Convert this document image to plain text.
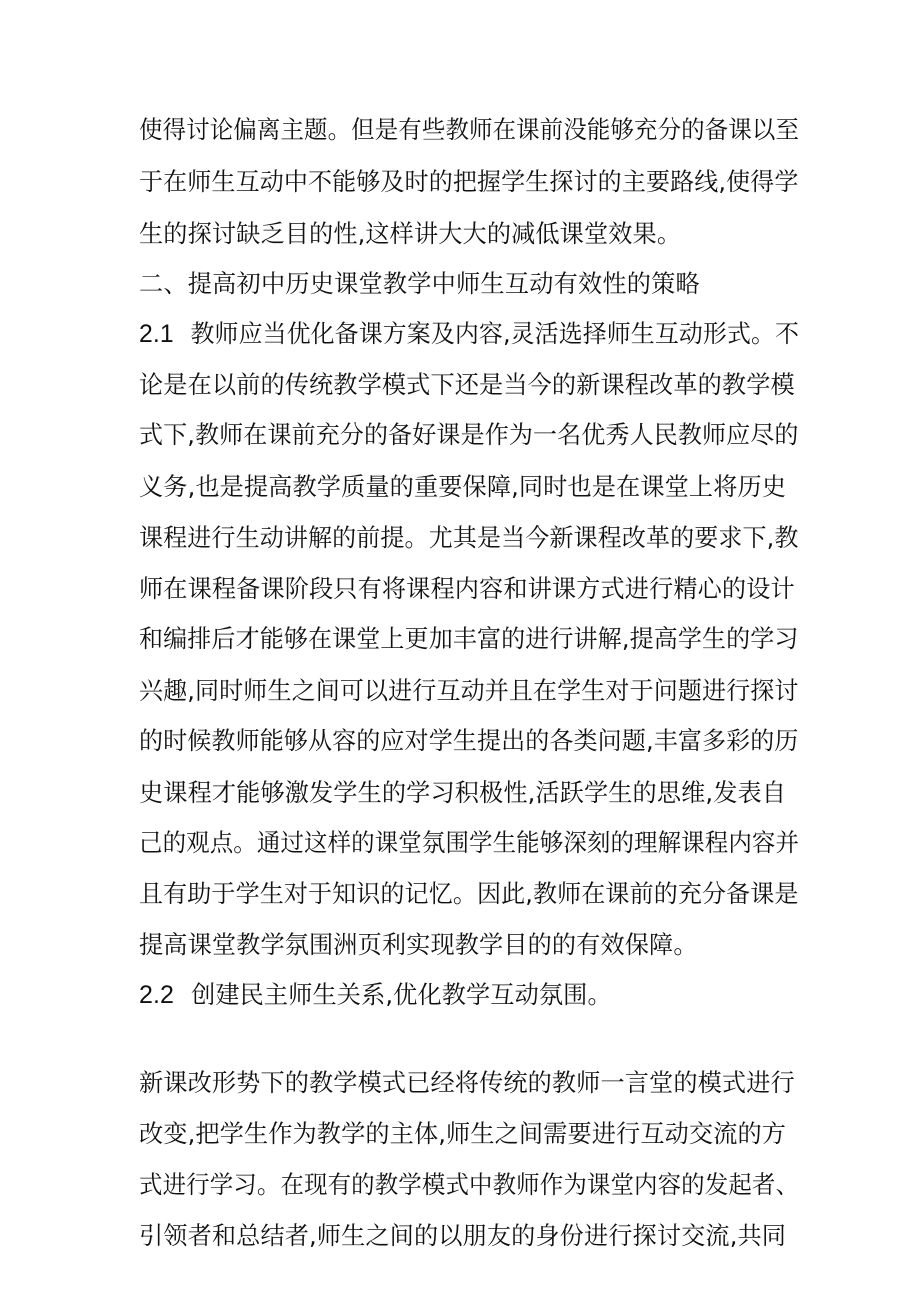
使得讨论偏离主题。但是有些教师在课前没能够充分的备课以至
于在师生互动中不能够及时的把握学生探讨的主要路线,使得学
生的探讨缺乏目的性,这样讲大大的减低课堂效果。
二、提高初中历史课堂教学中师生互动有效性的策略
2.1 教师应当优化备课方案及内容,灵活选择师生互动形式。不
论是在以前的传统教学模式下还是当今的新课程改革的教学模
式下,教师在课前充分的备好课是作为一名优秀人民教师应尽的
义务,也是提高教学质量的重要保障,同时也是在课堂上将历史
课程进行生动讲解的前提。尤其是当今新课程改革的要求下,教
师在课程备课阶段只有将课程内容和讲课方式进行精心的设计
和编排后才能够在课堂上更加丰富的进行讲解,提高学生的学习
兴趣,同时师生之间可以进行互动并且在学生对于问题进行探讨
的时候教师能够从容的应对学生提出的各类问题,丰富多彩的历
史课程才能够激发学生的学习积极性,活跃学生的思维,发表自
己的观点。通过这样的课堂氛围学生能够深刻的理解课程内容并
且有助于学生对于知识的记忆。因此,教师在课前的充分备课是
提高课堂教学氛围洲页利实现教学目的的有效保障。
2.2 创建民主师生关系,优化教学互动氛围。
新课改形势下的教学模式已经将传统的教师一言堂的模式进行
改变,把学生作为教学的主体,师生之间需要进行互动交流的方
式进行学习。在现有的教学模式中教师作为课堂内容的发起者、
引领者和总结者,师生之间的以朋友的身份进行探讨交流,共同
